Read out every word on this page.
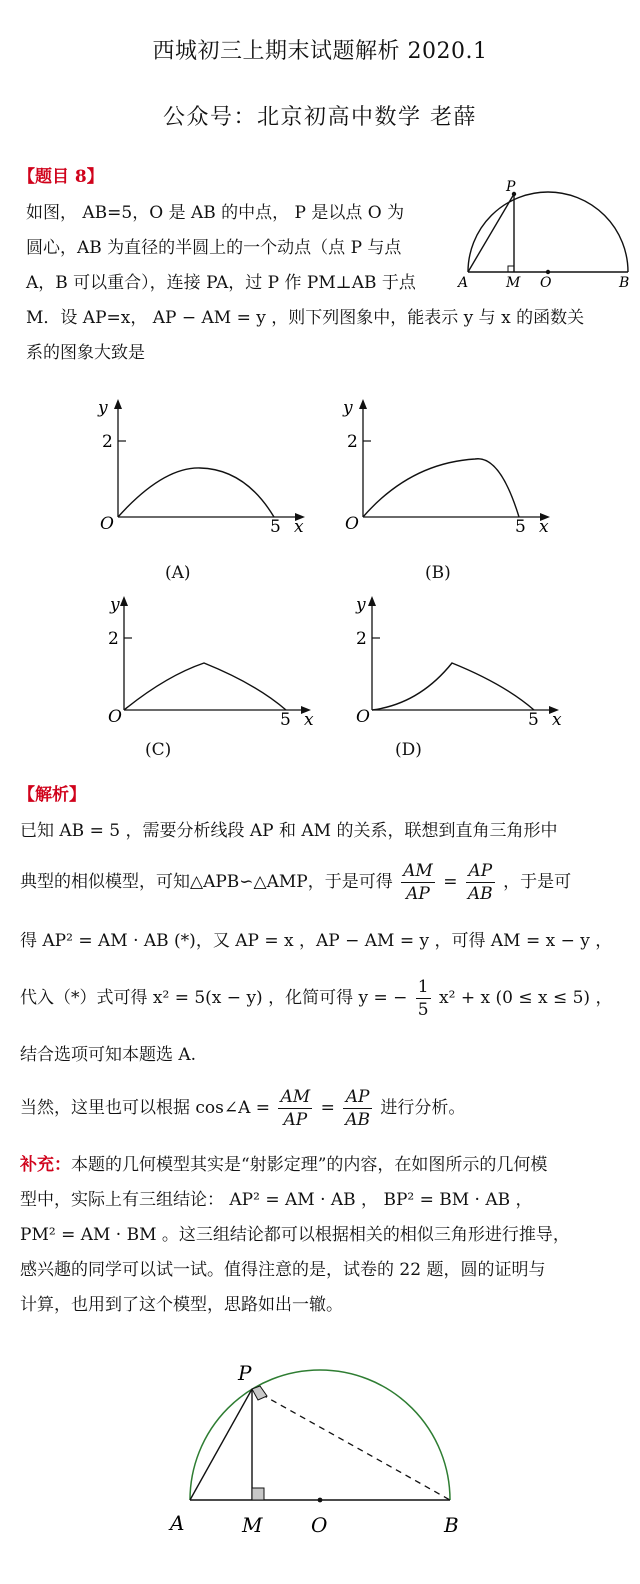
西城初三上期末试题解析 2020.1
公众号：北京初高中数学 老薛
【题目 8】
如图， AB=5，O 是 AB 的中点， P 是以点 O 为
圆心，AB 为直径的半圆上的一个动点（点 P 与点
A，B 可以重合），连接 PA，过 P 作 PM⊥AB 于点
M．设 AP=x， AP − AM = y ，则下列图象中，能表示 y 与 x 的函数关
系的图象大致是
P
A	M O	B
y
2
O	5 x
(A)
y
2
O	5 x
(B)
y
2
O	5 x
(C)
y
2
O	5 x
(D)
【解析】
已知 AB = 5 ，需要分析线段 AP 和 AM 的关系，联想到直角三角形中
典型的相似模型，可知△APB∽△AMP，于是可得 $\frac{AM}{AP} = \frac{AP}{AB}$ ，于是可
得 AP² = AM · AB (*)，又 AP = x ，AP − AM = y ，可得 AM = x − y ，
代入（*）式可得 x² = 5(x − y) ，化简可得 y = − $\frac{1}{5} x^2 + x$ (0 ≤ x ≤ 5) ，
结合选项可知本题选 A.
当然，这里也可以根据 cos∠A = $\frac{AM}{AP} = \frac{AP}{AB}$ 进行分析。
补充：本题的几何模型其实是“射影定理”的内容，在如图所示的几何模
型中，实际上有三组结论： AP² = AM · AB ， BP² = BM · AB ，
PM² = AM · BM 。这三组结论都可以根据相关的相似三角形进行推导，
感兴趣的同学可以试一试。值得注意的是，试卷的 22 题，圆的证明与
计算，也用到了这个模型，思路如出一辙。
P
A	M O	B
